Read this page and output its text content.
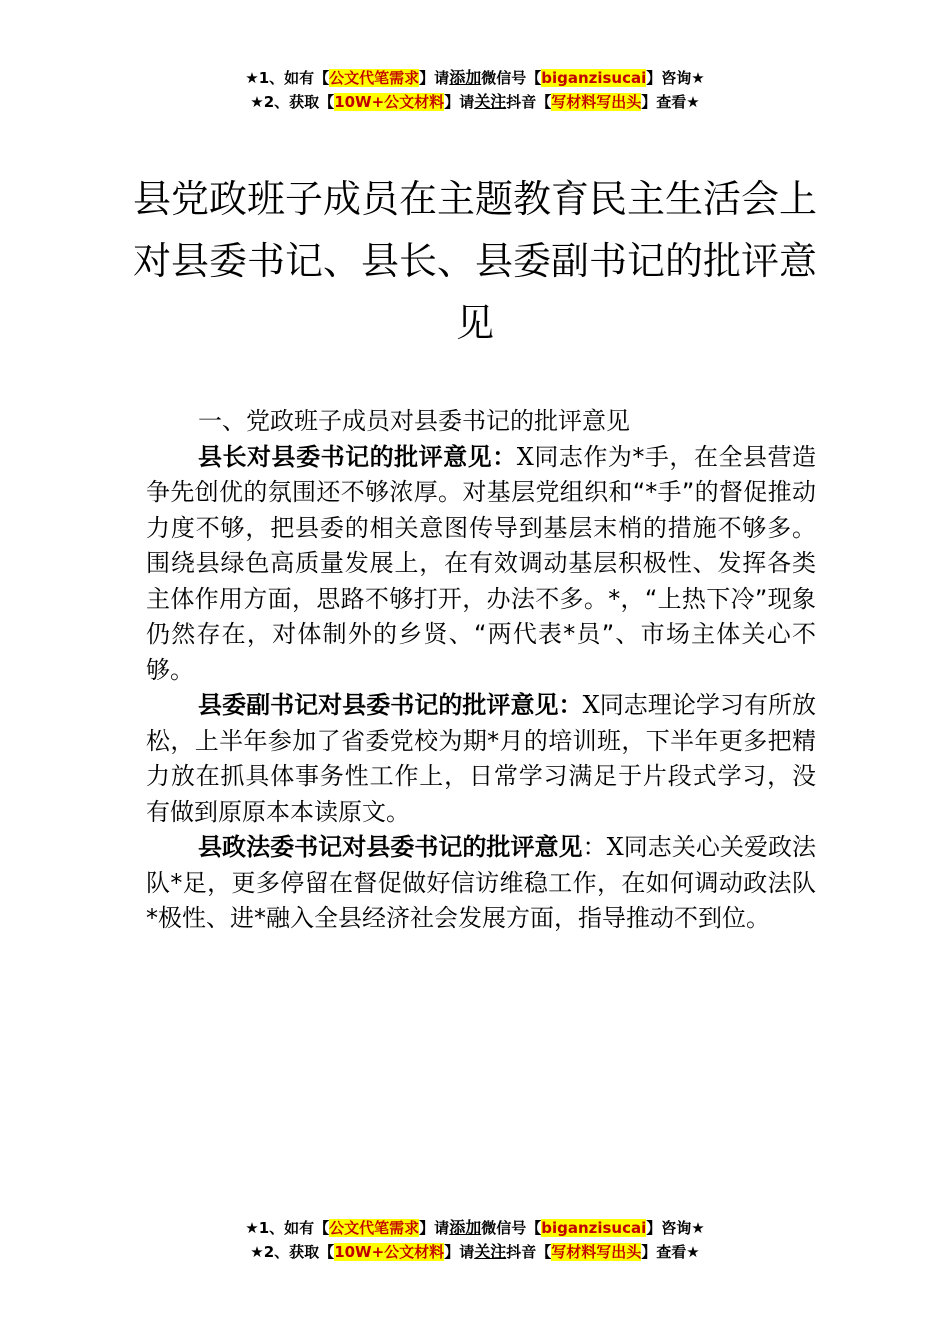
★1、如有【公文代笔需求】请添加微信号【biganzisucai】咨询★
★2、获取【10W+公文材料】请关注抖音【写材料写出头】查看★
县党政班子成员在主题教育民主生活会上
对县委书记、县长、县委副书记的批评意
见

一、党政班子成员对县委书记的批评意见

县长对县委书记的批评意见：X同志作为*手，在全县营造争先创优的氛围还不够浓厚。对基层党组织和“*手”的督促推动力度不够，把县委的相关意图传导到基层末梢的措施不够多。围绕县绿色高质量发展上，在有效调动基层积极性、发挥各类主体作用方面，思路不够打开，办法不多。*，“上热下冷”现象仍然存在，对体制外的乡贤、“两代表*员”、市场主体关心不够。

县委副书记对县委书记的批评意见：X同志理论学习有所放松，上半年参加了省委党校为期*月的培训班，下半年更多把精力放在抓具体事务性工作上，日常学习满足于片段式学习，没有做到原原本本读原文。

县政法委书记对县委书记的批评意见：X同志关心关爱政法队*足，更多停留在督促做好信访维稳工作，在如何调动政法队*极性、进*融入全县经济社会发展方面，指导推动不到位。

★1、如有【公文代笔需求】请添加微信号【biganzisucai】咨询★
★2、获取【10W+公文材料】请关注抖音【写材料写出头】查看★
